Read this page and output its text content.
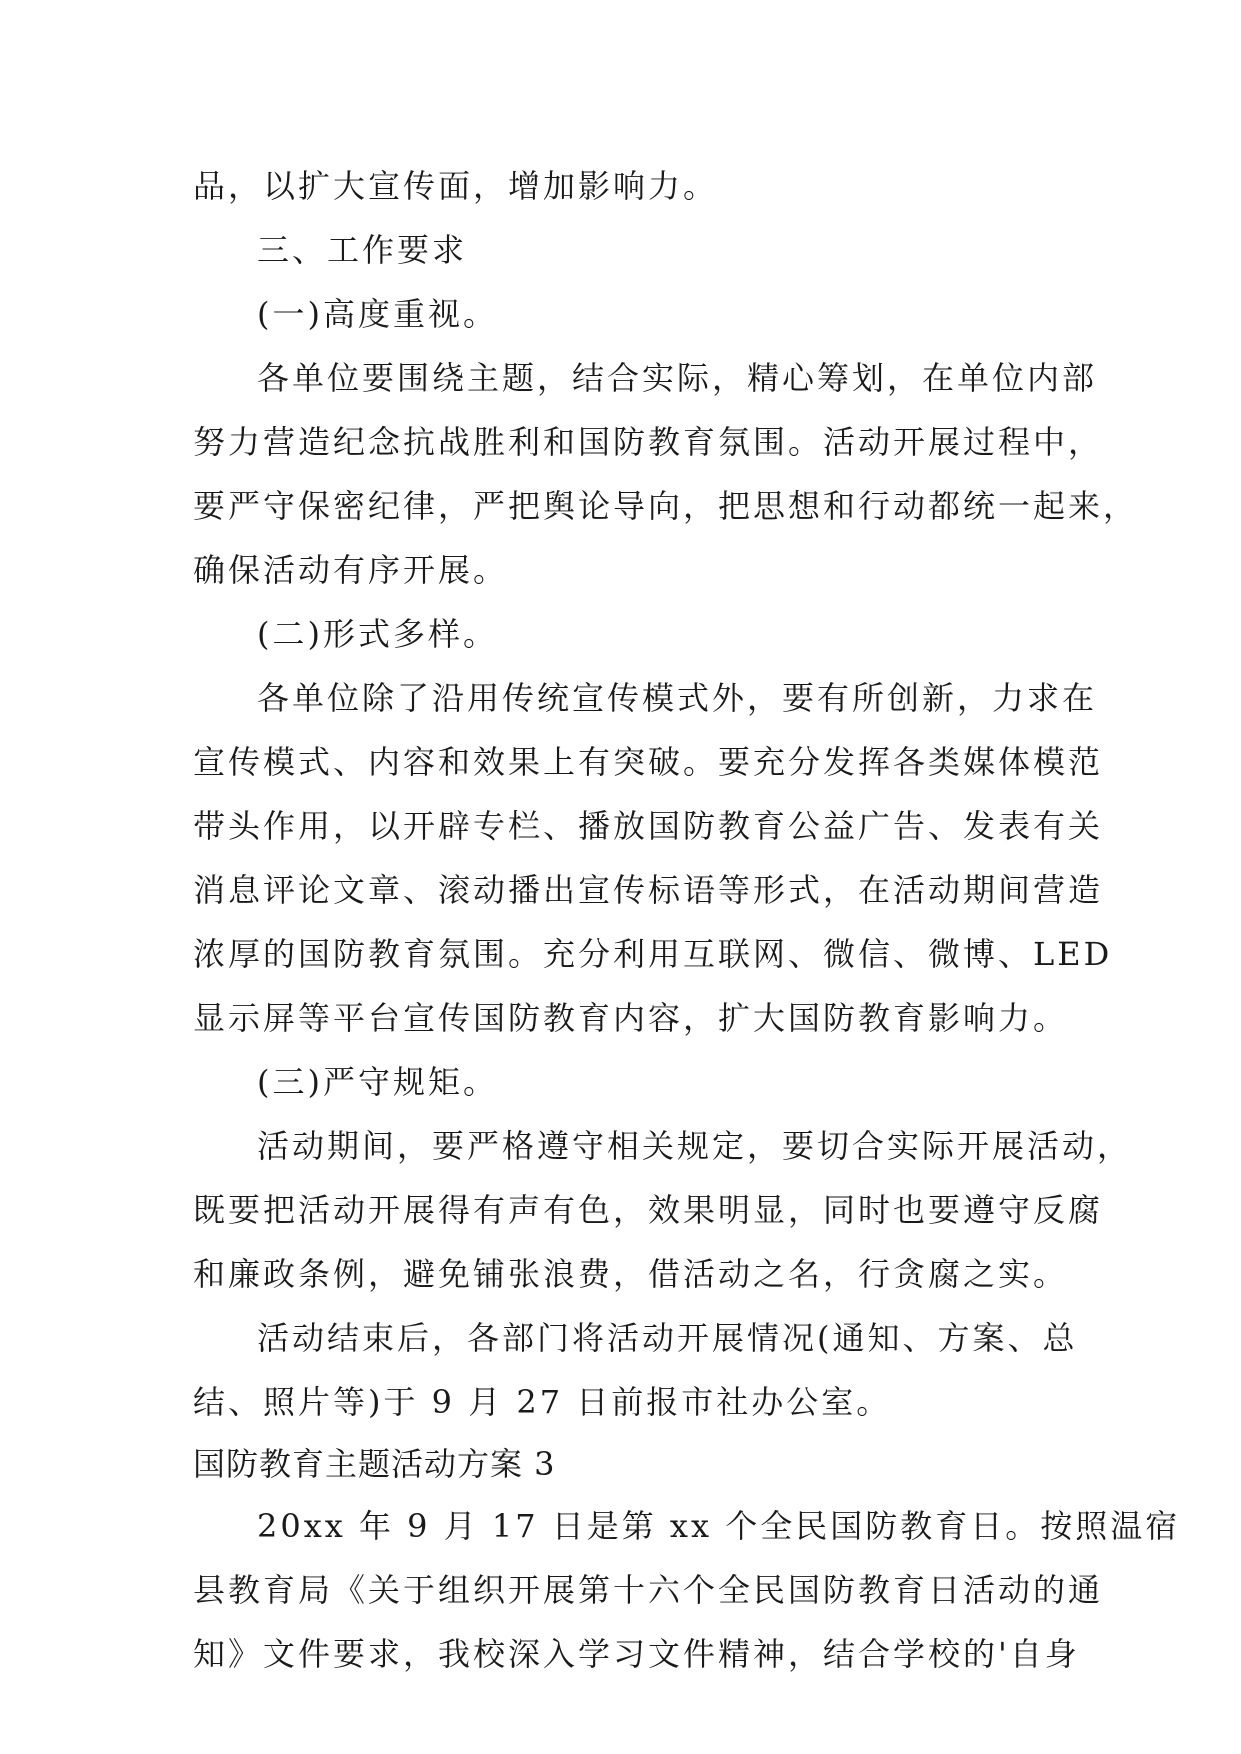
品，以扩大宣传面，增加影响力。
三、工作要求
(一)高度重视。
各单位要围绕主题，结合实际，精心筹划，在单位内部
努力营造纪念抗战胜利和国防教育氛围。活动开展过程中，
要严守保密纪律，严把舆论导向，把思想和行动都统一起来，
确保活动有序开展。
(二)形式多样。
各单位除了沿用传统宣传模式外，要有所创新，力求在
宣传模式、内容和效果上有突破。要充分发挥各类媒体模范
带头作用，以开辟专栏、播放国防教育公益广告、发表有关
消息评论文章、滚动播出宣传标语等形式，在活动期间营造
浓厚的国防教育氛围。充分利用互联网、微信、微博、LED
显示屏等平台宣传国防教育内容，扩大国防教育影响力。
(三)严守规矩。
活动期间，要严格遵守相关规定，要切合实际开展活动，
既要把活动开展得有声有色，效果明显，同时也要遵守反腐
和廉政条例，避免铺张浪费，借活动之名，行贪腐之实。
活动结束后，各部门将活动开展情况(通知、方案、总
结、照片等)于 9 月 27 日前报市社办公室。
国防教育主题活动方案 3
20xx 年 9 月 17 日是第 xx 个全民国防教育日。按照温宿
县教育局《关于组织开展第十六个全民国防教育日活动的通
知》文件要求，我校深入学习文件精神，结合学校的'自身
